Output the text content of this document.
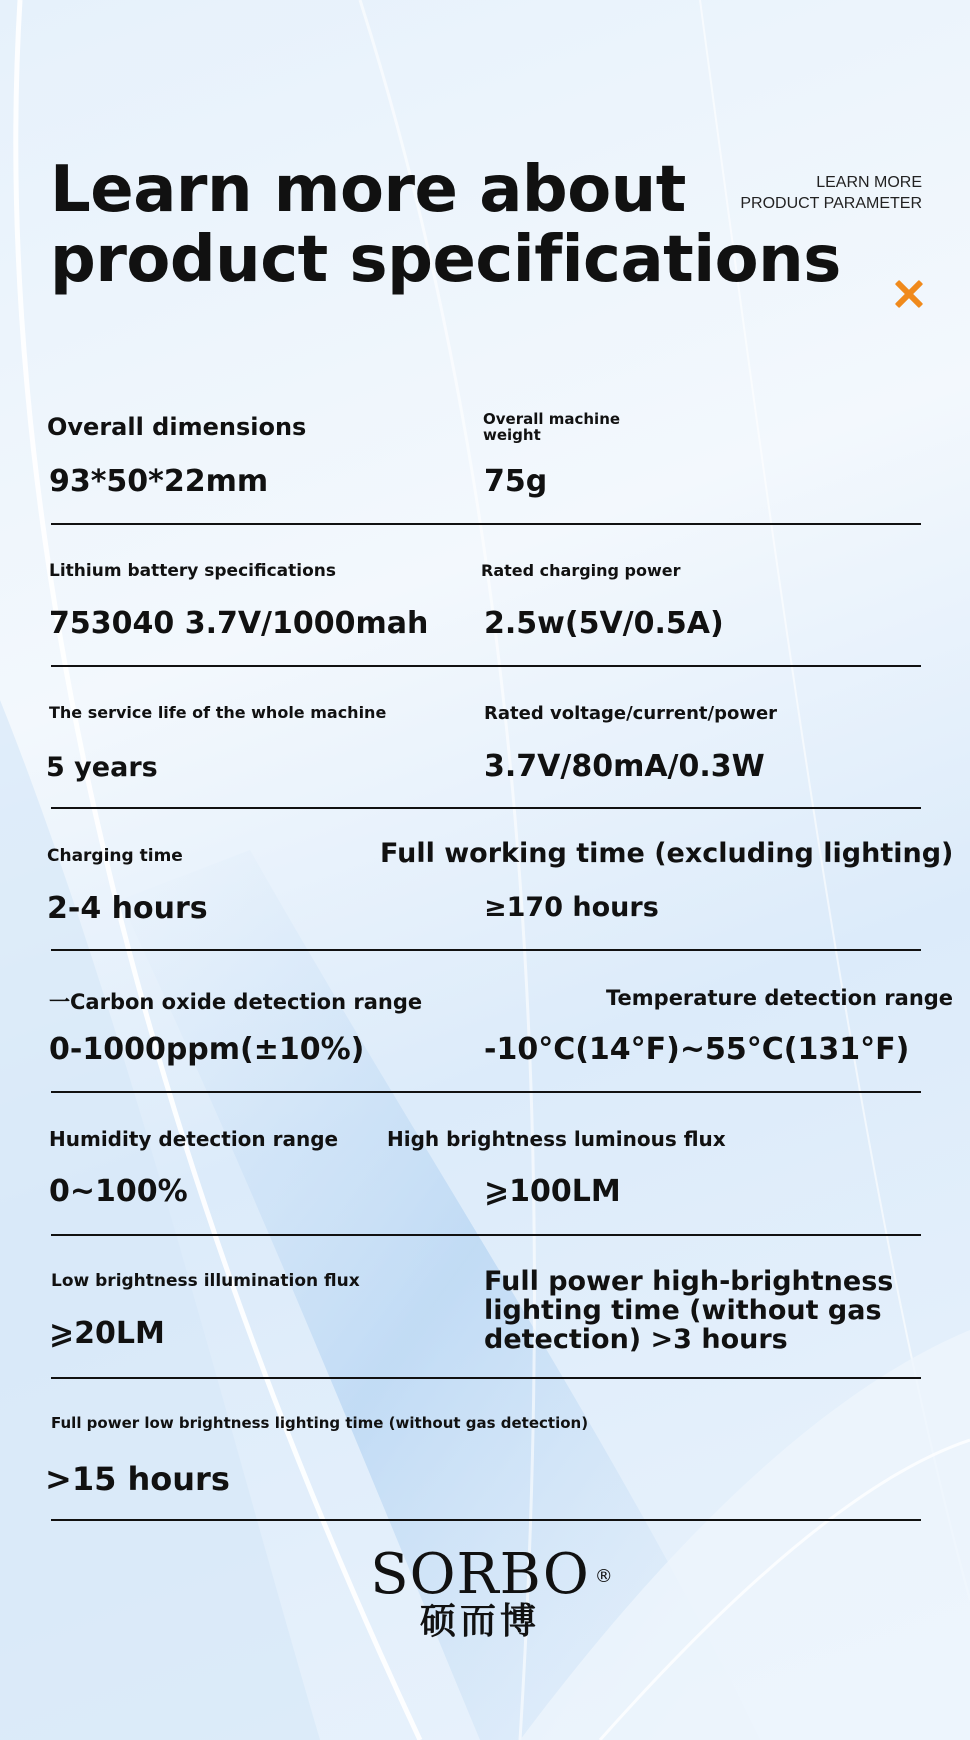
Learn more about
product specifications
LEARN MORE
PRODUCT PARAMETER
Overall dimensions
93*50*22mm
Overall machine
weight
75g
Lithium battery specifications
753040 3.7V/1000mah
Rated charging power
2.5w(5V/0.5A)
The service life of the whole machine
5 years
Rated voltage/current/power
3.7V/80mA/0.3W
Charging time
2-4 hours
Full working time (excluding lighting)
≥170 hours
一Carbon oxide detection range
0-1000ppm(±10%)
Temperature detection range
-10°C(14°F)~55°C(131°F)
Humidity detection range
0~100%
High brightness luminous flux
⩾100LM
Low brightness illumination flux
⩾20LM
Full power high-brightness lighting time (without gas detection) >3 hours
Full power low brightness lighting time (without gas detection)
>15 hours
SORBO ®
硕而博
